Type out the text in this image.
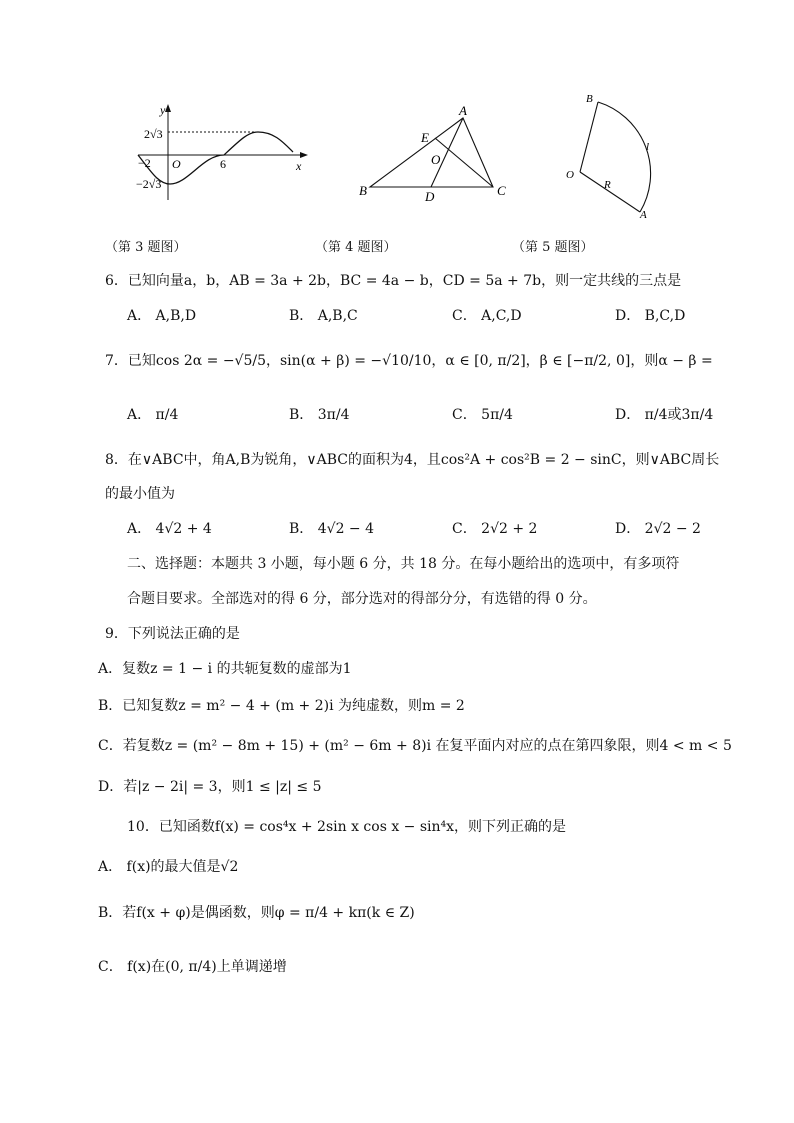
y
x
O
2√3
−2√3
−2	6
A
B	C
D
E
O
B
O
A
R
l
（第 3 题图）	（第 4 题图）	（第 5 题图）
6．已知向量a，b，AB = 3a + 2b，BC = 4a − b，CD = 5a + 7b，则一定共线的三点是
A． A,B,D	B． A,B,C	C． A,C,D	D． B,C,D
7．已知cos 2α = −√5/5，sin(α + β) = −√10/10，α ∈ [0, π/2]，β ∈ [−π/2, 0]，则α − β =
A． π/4	B． 3π/4	C． 5π/4	D． π/4或3π/4
8．在∨ABC中，角A,B为锐角，∨ABC的面积为4，且cos²A + cos²B = 2 − sinC，则∨ABC周长
的最小值为
A． 4√2 + 4	B． 4√2 − 4	C． 2√2 + 2	D． 2√2 − 2
二、选择题：本题共 3 小题，每小题 6 分，共 18 分。在每小题给出的选项中，有多项符
合题目要求。全部选对的得 6 分，部分选对的得部分分，有选错的得 0 分。
9．下列说法正确的是
A．复数z = 1 − i 的共轭复数的虚部为1
B．已知复数z = m² − 4 + (m + 2)i 为纯虚数，则m = 2
C．若复数z = (m² − 8m + 15) + (m² − 6m + 8)i 在复平面内对应的点在第四象限，则4 < m < 5
D．若|z − 2i| = 3，则1 ≤ |z| ≤ 5
10．已知函数f(x) = cos⁴x + 2sin x cos x − sin⁴x，则下列正确的是
A． f(x)的最大值是√2
B．若f(x + φ)是偶函数，则φ = π/4 + kπ(k ∈ Z)
C． f(x)在(0, π/4)上单调递增
